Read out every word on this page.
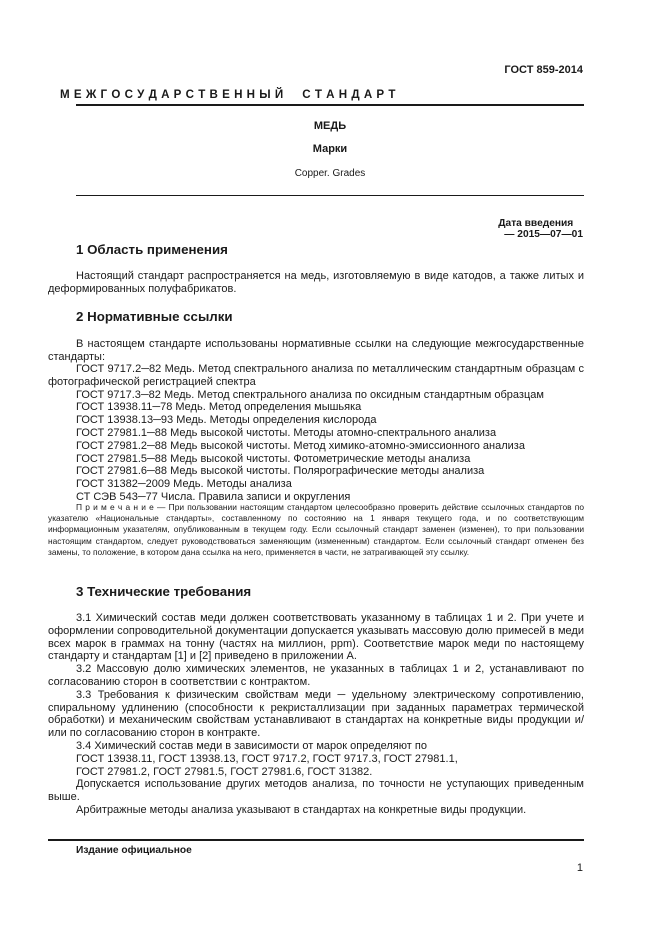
ГОСТ 859-2014
М Е Ж Г О С У Д А Р С Т В Е Н Н Ы Й     С Т А Н Д А Р Т
МЕДЬ
Марки
Copper. Grades

Дата введения
— 2015—07—01

1 Область применения
Настоящий стандарт распространяется на медь, изготовляемую в виде катодов, а также литых и деформированных полуфабрикатов.
2 Нормативные ссылки
В настоящем стандарте использованы нормативные ссылки на следующие межгосударственные стандарты:
ГОСТ 9717.2─82 Медь. Метод спектрального анализа по металлическим стандартным образцам с фотографической регистрацией спектра
ГОСТ 9717.3─82 Медь. Метод спектрального анализа по оксидным стандартным образцам
ГОСТ 13938.11─78 Медь. Метод определения мышьяка
ГОСТ 13938.13─93 Медь. Методы определения кислорода
ГОСТ 27981.1─88 Медь высокой чистоты. Методы атомно-спектрального анализа
ГОСТ 27981.2─88 Медь высокой чистоты. Метод химико-атомно-эмиссионного анализа
ГОСТ 27981.5─88 Медь высокой чистоты. Фотометрические методы анализа
ГОСТ 27981.6─88 Медь высокой чистоты. Полярографические методы анализа
ГОСТ 31382─2009 Медь. Методы анализа
СТ СЭВ 543─77 Числа. Правила записи и округления
П р и м е ч а н и е — При пользовании настоящим стандартом целесообразно проверить действие ссылочных стандартов по указателю «Национальные стандарты», составленному по состоянию на 1 января текущего года, и по соответствующим информационным указателям, опубликованным в текущем году. Если ссылочный стандарт заменен (изменен), то при пользовании настоящим стандартом, следует руководствоваться заменяющим (измененным) стандартом. Если ссылочный стандарт отменен без замены, то положение, в котором дана ссылка на него, применяется в части, не затрагивающей эту ссылку.
3 Технические требования
3.1 Химический состав меди должен соответствовать указанному в таблицах 1 и 2. При учете и оформлении сопроводительной документации допускается указывать массовую долю примесей в меди всех марок в граммах на тонну (частях на миллион, ppm). Соответствие марок меди по настоящему стандарту и стандартам [1] и [2] приведено в приложении А.
3.2 Массовую долю химических элементов, не указанных в таблицах 1 и 2, устанавливают по согласованию сторон в соответствии с контрактом.
3.3 Требования к физическим свойствам меди ─ удельному электрическому сопротивлению, спиральному удлинению (способности к рекристаллизации при заданных параметрах термической обработки) и механическим свойствам устанавливают в стандартах на конкретные виды продукции и/или по согласованию сторон в контракте.
3.4 Химический состав меди в зависимости от марок определяют по
ГОСТ 13938.11, ГОСТ 13938.13, ГОСТ 9717.2, ГОСТ 9717.3, ГОСТ 27981.1,
ГОСТ 27981.2, ГОСТ 27981.5, ГОСТ 27981.6, ГОСТ 31382.
Допускается использование других методов анализа, по точности не уступающих приведенным выше.
Арбитражные методы анализа указывают в стандартах на конкретные виды продукции.
Издание официальное
1
